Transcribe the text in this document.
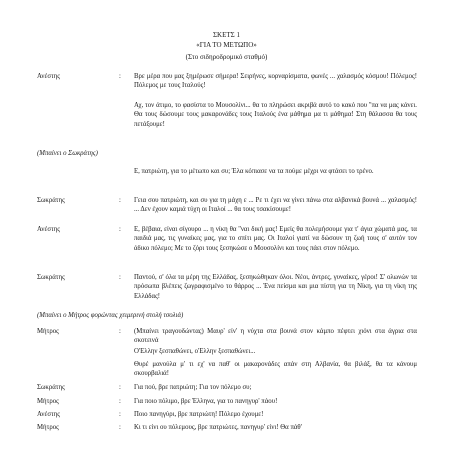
ΣΚΕΤΣ 1
«ΓΙΑ ΤΟ ΜΕΤΩΠΟ»
(Στο σιδηροδρομικό σταθμό)
Ανέστης	:	Βρε μέρα που μας ξημέρωσε σήμερα! Σειρήνες, κορναρίσματα, φωνές ... χαλασμός κόσμου! Πόλεμος! Πόλεμος με τους Ιταλούς!
Αχ, τον άτιμο, το φασίστα το Μουσολίνι... θα το πληρώσει ακριβά αυτό το κακό που ''πα να μας κάνει. Θα τους δώσουμε τους μακαρονάδες τους Ιταλούς ένα μάθημα μα τι μάθημα! Στη θάλασσα θα τους πετάξουμε!
(Μπαίνει ο Σωκράτης)
Ε, πατριώτη, για το μέτωπο και συ; Έλα κόπιασε να τα πούμε μέχρι να φτάσει το τρένο.
Σωκράτης	:	Γεια σου πατριώτη, και συ για τη μάχη ε ... Ρε τι έχει να γίνει πάνω στα αλβανικά βουνά ... χαλασμός! ... Δεν έχουν καμιά τύχη οι Ιταλοί ... θα τους τσακίσουμε!
Ανέστης	:	Ε, βέβαια, είναι σίγουρο ... η νίκη θα ''ναι δική μας! Εμείς θα πολεμήσουμε για τ' άγια χώματά μας, τα παιδιά μας, τις γυναίκες μας, για το σπίτι μας. Οι Ιταλοί γιατί να δώσουν τη ζωή τους σ' αυτόν τον άδικο πόλεμο; Με το ζόρι τους ξεσηκώσε ο Μουσολίνι και τους πάει στον πόλεμο.
Σωκράτης	:	Παντού, σ' όλα τα μέρη της Ελλάδας, ξεσηκώθηκαν όλοι. Νέοι, άντρες, γυναίκες, γέροι! Σ' ολωνών τα πρόσωπα βλέπεις ζωγραφισμένο το θάρρος ... Ένα πείσμα και μια πίστη για τη Νίκη, για τη νίκη της Ελλάδας!
(Μπαίνει ο Μήτρος φορώντας χειμερινή στολή τσολιά)
Μήτρος	:	(Μπαίνει τραγουδώντας) Μαυρ' είν' η νύχτα στα βουνά στον κάμπο πέφτει χιόνι στα άγρια στα σκοτεινά
Ο'Ελλην ξεσπαθώνει, ο'Ελλην ξεσπαθώνει...
Θυρέ μανούλα μ' τι εχ' να παθ' οι μακαρονάδες απάν στη Αλβανία, θα βιλάξ, θα τα κάνουμ σκουρβαλιά!
Σωκράτης	:	Για πού, βρε πατριώτη; Για τον πόλεμο συ;
Μήτρος	:	Για ποιο πόλιμο, βρε Έλληνα, για το πανηγυρ' πάου!
Ανέστης	:	Ποιο πανηγύρι, βρε πατριώτη! Πόλεμο έχουμε!
Μήτρος	:	Κι τι είνι ου πόλεμους, βρε πατριώτες, πανηγυρ' είνι! Θα πάθ'
